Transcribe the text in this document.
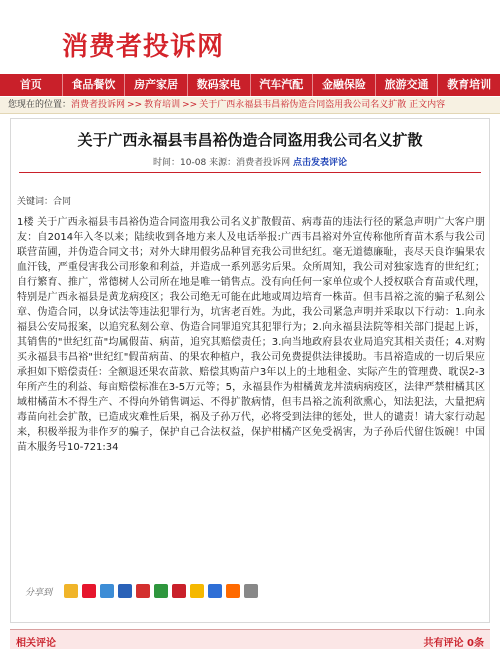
消费者投诉网
首页	食品餐饮	房产家居	数码家电	汽车汽配	金融保险	旅游交通	教育培训
您现在的位置：消费者投诉网 >> 教育培训 >> 关于广西永福县韦昌裕伪造合同盗用我公司名义扩散 正文内容
关于广西永福县韦昌裕伪造合同盗用我公司名义扩散
时间：10-08 来源：消费者投诉网 点击发表评论
关键词：合同
1楼 关于广西永福县韦昌裕伪造合同盗用我公司名义扩散假苗、病毒苗的违法行径的紧急声明广大客户朋友：自2014年入冬以来；陆续收到各地方来人及电话举报:广西韦昌裕对外宣传称他所育苗木系与我公司联营苗圃，并伪造合同文书；对外大肆用假劣品种冒充我公司世纪红。毫无道德廉耻，丧尽天良诈骗果农血汗钱，严重侵害我公司形象和利益，并造成一系列恶劣后果。众所周知，我公司对独家选育的世纪红；自行繁育、推广，常德树人公司所在地是唯一销售点。没有向任何一家单位或个人授权联合育苗或代理，特别是广西永福县是黄龙病疫区；我公司绝无可能在此地或周边培育一株苗。但韦昌裕之流的骗子私刻公章、伪造合同，以身试法等违法犯罪行为，坑害老百姓。为此，我公司紧急声明并采取以下行动：1.向永福县公安局报案，以追究私刻公章、伪造合同罪追究其犯罪行为；2.向永福县法院等相关部门提起上诉，其销售的"世纪红苗"均属假苗、病苗，追究其赔偿责任；3.向当地政府县农业局追究其相关责任；4.对购买永福县韦昌裕"世纪红"假苗病苗、的果农种植户，我公司免费提供法律援助。韦昌裕造成的一切后果应承担如下赔偿责任：全额退还果农苗款、赔偿其购苗户3年以上的土地租金、实际产生的管理费、耽误2-3年所产生的利益、每亩赔偿标准在3-5万元等；5，永福县作为柑橘黄龙丼渍病病疫区，法律严禁柑橘其区域柑橘苗木不得生产、不得向外销售调运、不得扩散病情，但韦昌裕之流利欲熏心，知法犯法，大量把病毒苗向社会扩散，已造成灾难性后果，祸及子孙万代，必将受到法律的惩处，世人的谴责！请大家行动起来，积极举报为非作歹的骗子，保护自己合法权益，保护柑橘产区免受祸害，为子孙后代留住饭碗！中国苗木服务号10-721:34
分享到
相关评论	共有评论 0条
